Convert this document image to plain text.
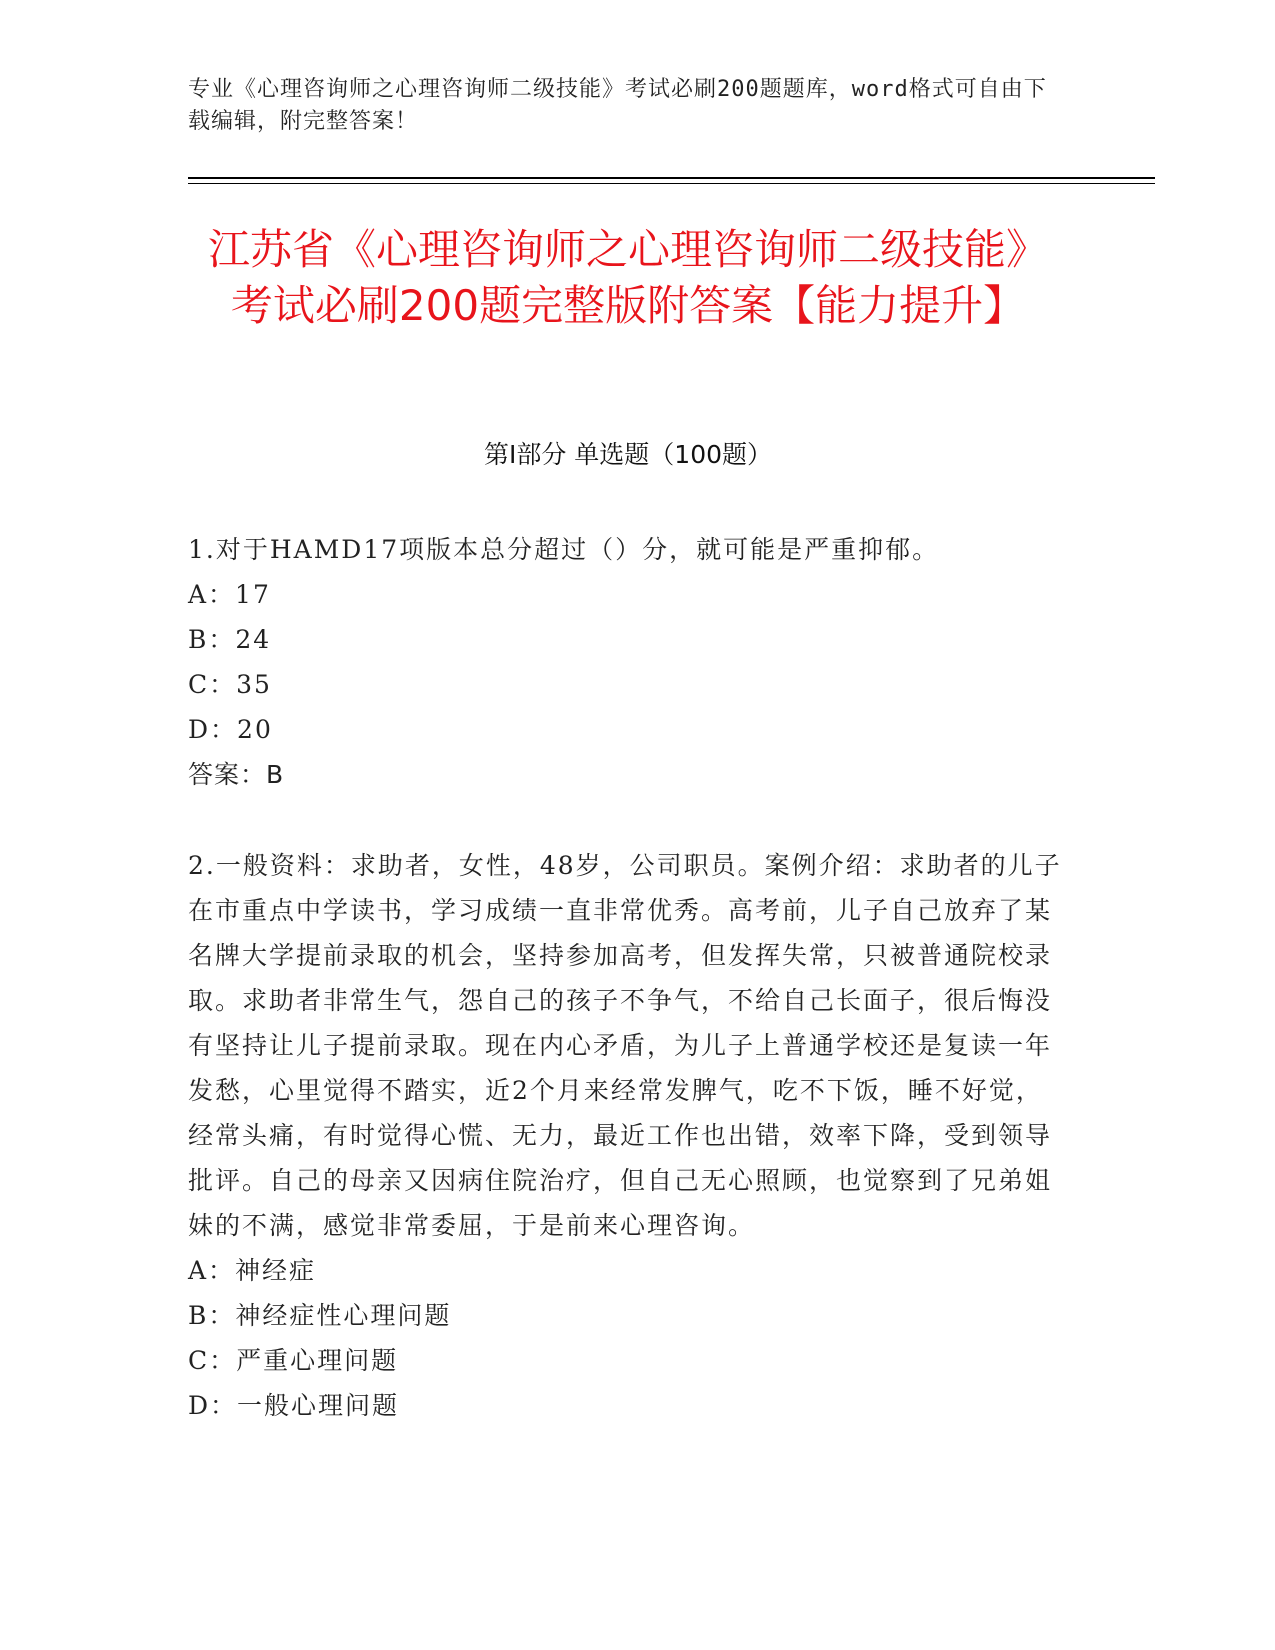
专业《心理咨询师之心理咨询师二级技能》考试必刷200题题库，word格式可自由下载编辑，附完整答案！
江苏省《心理咨询师之心理咨询师二级技能》考试必刷200题完整版附答案【能力提升】
第I部分 单选题（100题）

1.对于HAMD17项版本总分超过（）分，就可能是严重抑郁。

A：17

B：24

C：35

D：20

答案：B

2.一般资料：求助者，女性，48岁，公司职员。案例介绍：求助者的儿子在市重点中学读书，学习成绩一直非常优秀。高考前，儿子自己放弃了某名牌大学提前录取的机会，坚持参加高考，但发挥失常，只被普通院校录取。求助者非常生气，怨自己的孩子不争气，不给自己长面子，很后悔没有坚持让儿子提前录取。现在内心矛盾，为儿子上普通学校还是复读一年发愁，心里觉得不踏实，近2个月来经常发脾气，吃不下饭，睡不好觉，经常头痛，有时觉得心慌、无力，最近工作也出错，效率下降，受到领导批评。自己的母亲又因病住院治疗，但自己无心照顾，也觉察到了兄弟姐妹的不满，感觉非常委屈，于是前来心理咨询。

A：神经症

B：神经症性心理问题

C：严重心理问题

D：一般心理问题
